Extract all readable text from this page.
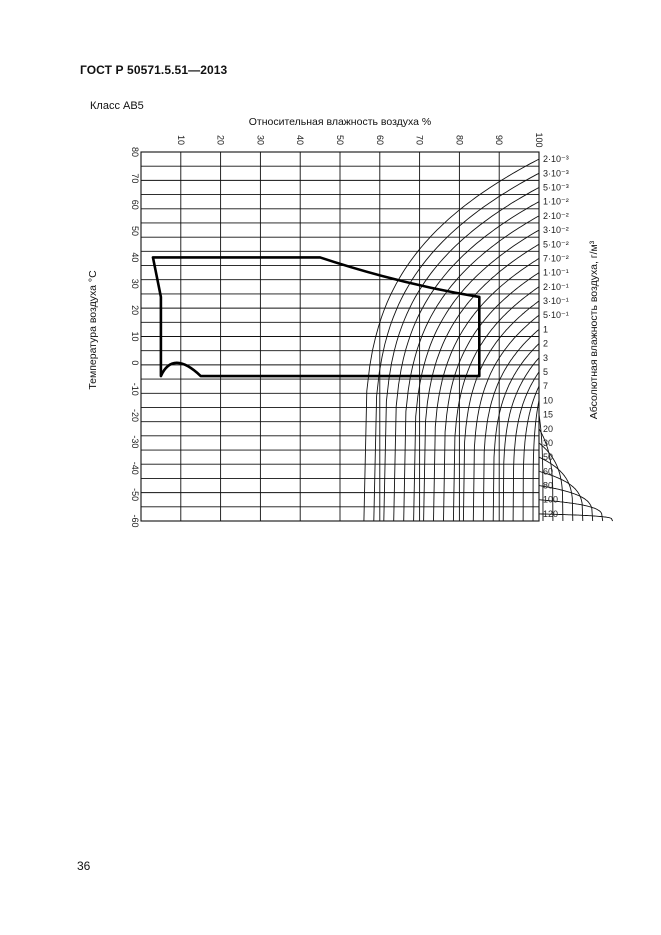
ГОСТ Р 50571.5.51—2013
Класс АВ5
10	20	30	40	50	60	70	80	90	100
80
70
60
50
40
30
20
10
0
-10
-20
-30
-40
-50
-60
2·10⁻³
3·10⁻³
5·10⁻³
1·10⁻²
2·10⁻²
3·10⁻²
5·10⁻²
7·10⁻²
1·10⁻¹
2·10⁻¹
3·10⁻¹
5·10⁻¹
1
2
3
5
7
10
15
20
30
50
60
80
100
120
Относительная влажность воздуха %
Температура воздуха °С	Абсолютная влажность воздуха, г/м³
36
